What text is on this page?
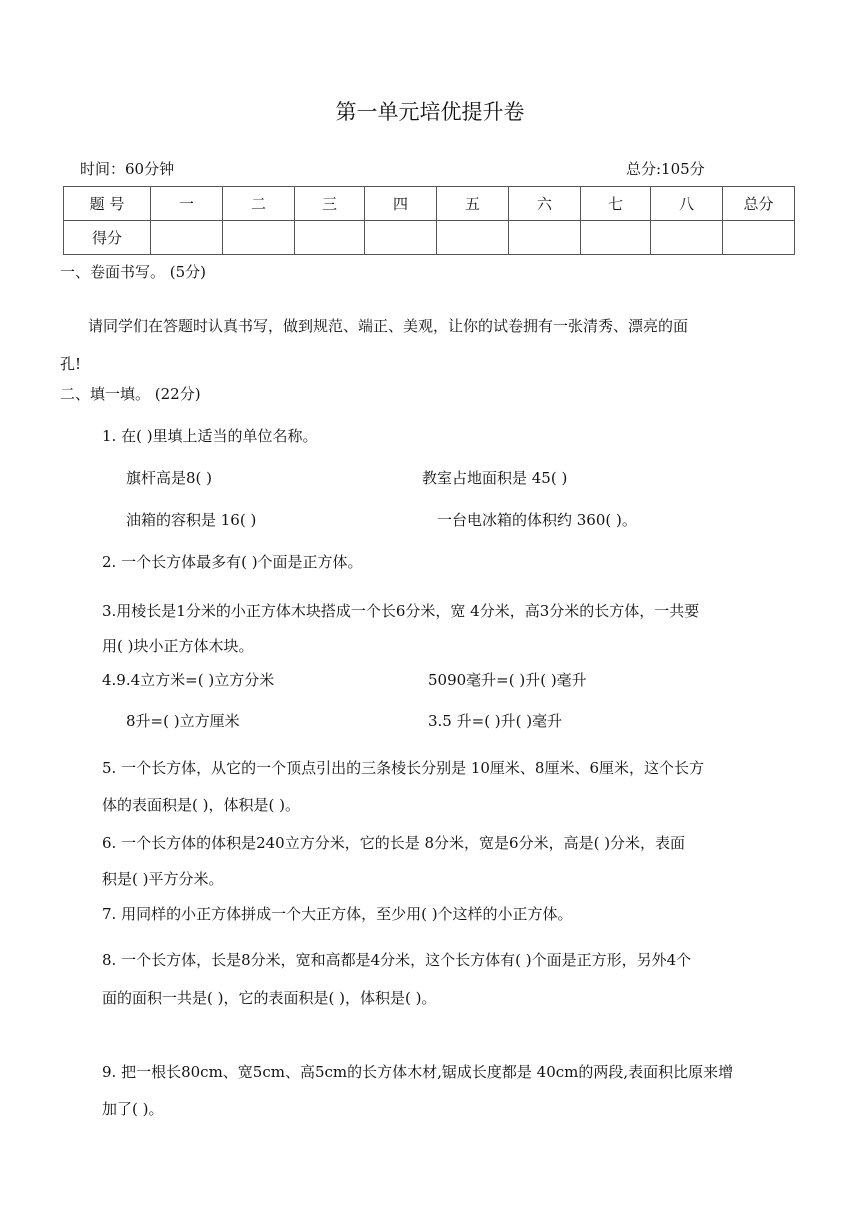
第一单元培优提升卷
时间：60分钟	总分:105分
题 号	一	二	三	四	五	六	七	八	总分
得分									
一、卷面书写。 (5分)
请同学们在答题时认真书写，做到规范、端正、美观，让你的试卷拥有一张清秀、漂亮的面
孔!
二、填一填。 (22分)
1. 在( )里填上适当的单位名称。
旗杆高是8( )	教室占地面积是 45( )
油箱的容积是 16( )	一台电冰箱的体积约 360( )。
2. 一个长方体最多有( )个面是正方体。
3.用棱长是1分米的小正方体木块搭成一个长6分米，宽 4分米，高3分米的长方体，一共要
用( )块小正方体木块。
4.9.4立方米=( )立方分米	5090毫升=( )升( )毫升
8升=( )立方厘米	3.5 升=( )升( )毫升
5. 一个长方体，从它的一个顶点引出的三条棱长分别是 10厘米、8厘米、6厘米，这个长方
体的表面积是( )，体积是( )。
6. 一个长方体的体积是240立方分米，它的长是 8分米，宽是6分米，高是( )分米，表面
积是( )平方分米。
7. 用同样的小正方体拼成一个大正方体，至少用( )个这样的小正方体。
8. 一个长方体，长是8分米，宽和高都是4分米，这个长方体有( )个面是正方形，另外4个
面的面积一共是( )，它的表面积是( )，体积是( )。
9. 把一根长80cm、宽5cm、高5cm的长方体木材,锯成长度都是 40cm的两段,表面积比原来增
加了( )。
